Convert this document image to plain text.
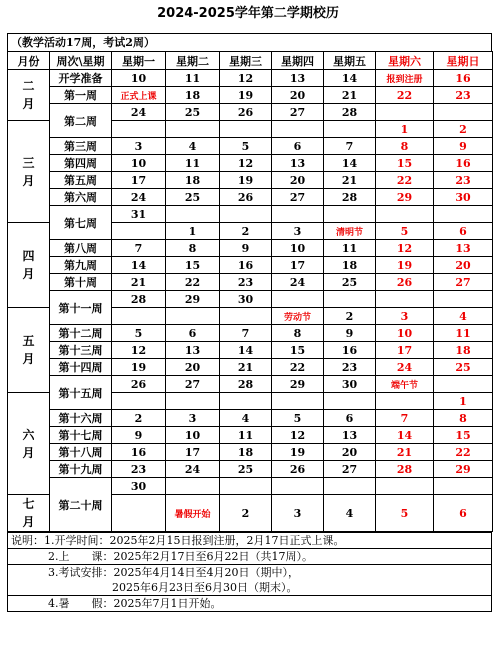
2024-2025学年第二学期校历
（教学活动17周，考试2周）
月份	周次\星期	星期一	星期二	星期三	星期四	星期五	星期六	星期日

二
月	开学准备	10	11	12	13	14	报到注册	16
	第一周	正式上课	18	19	20	21	22	23
	第二周	24	25	26	27	28		

三
月							1	2
	第三周	3	4	5	6	7	8	9
	第四周	10	11	12	13	14	15	16
	第五周	17	18	19	20	21	22	23
	第六周	24	25	26	27	28	29	30
	第七周	31						

四
月			1	2	3	清明节	5	6
	第八周	7	8	9	10	11	12	13
	第九周	14	15	16	17	18	19	20
	第十周	21	22	23	24	25	26	27
	第十一周	28	29	30				

五
月					劳动节	2	3	4
	第十二周	5	6	7	8	9	10	11
	第十三周	12	13	14	15	16	17	18
	第十四周	19	20	21	22	23	24	25
	第十五周	26	27	28	29	30	端午节	

六
月								1
	第十六周	2	3	4	5	6	7	8
	第十七周	9	10	11	12	13	14	15
	第十八周	16	17	18	19	20	21	22
	第十九周	23	24	25	26	27	28	29
	第二十周	30						

七
月			暑假开始	2	3	4	5	6
说明：1.开学时间：2025年2月15日报到注册，2月17日正式上课。
2.上　　课：2025年2月17日至6月22日（共17周）。
3.考试安排：2025年4月14日至4月20日（期中），
2025年6月23日至6月30日（期末）。
4.暑　　假：2025年7月1日开始。
